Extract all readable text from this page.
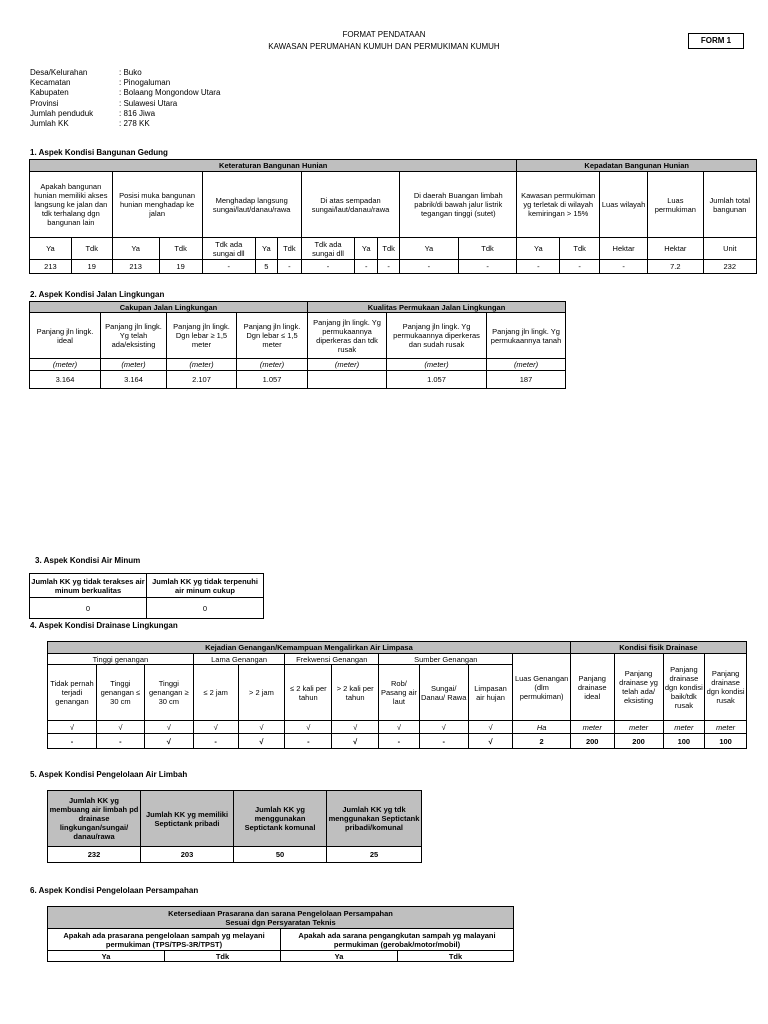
FORMAT PENDATAAN
KAWASAN PERUMAHAN KUMUH DAN PERMUKIMAN KUMUH
FORM 1
Desa/Kelurahan	: Buko
Kecamatan	: Pinogaluman
Kabupaten	: Bolaang Mongondow Utara
Provinsi	: Sulawesi Utara
Jumlah penduduk	: 816 Jiwa
Jumlah KK	: 278 KK
1. Aspek Kondisi Bangunan Gedung
Keteraturan Bangunan Hunian												Kepadatan Bangunan Hunian				
Apakah bangunan hunian memiliki akses langsung ke jalan dan tdk terhalang dgn bangunan lain		Posisi muka bangunan hunian menghadap ke jalan		Menghadap langsung sungai/laut/danau/rawa			Di atas sempadan sungai/laut/danau/rawa			Di daerah Buangan limbah pabrik/di bawah jalur listrik tegangan tinggi (sutet)		Kawasan permukiman yg terletak di wilayah kemiringan > 15%		Luas wilayah	Luas permukiman	Jumlah total bangunan
Ya	Tdk	Ya	Tdk	Tdk ada sungai dll	Ya	Tdk	Tdk ada sungai dll	Ya	Tdk	Ya	Tdk	Ya	Tdk	Hektar	Hektar	Unit
213	19	213	19	-	5	-	-	-	-	-	-	-	-	-	7.2	232
2. Aspek Kondisi Jalan Lingkungan
Cakupan Jalan Lingkungan				Kualitas Permukaan Jalan Lingkungan		
Panjang jln lingk. ideal	Panjang jln lingk. Yg telah ada/eksisting	Panjang jln lingk. Dgn lebar ≥ 1,5 meter	Panjang jln lingk. Dgn lebar ≤ 1,5 meter	Panjang jln lingk. Yg permukaannya diperkeras dan tdk rusak	Panjang jln lingk. Yg permukaannya diperkeras dan sudah rusak	Panjang jln lingk. Yg permukaannya tanah
(meter)	(meter)	(meter)	(meter)	(meter)	(meter)	(meter)
3.164	3.164	2.107	1.057		1.057	187
3. Aspek Kondisi Air Minum
Jumlah KK yg tidak terakses air minum berkualitas	Jumlah KK yg tidak terpenuhi air minum cukup
0	0
4. Aspek Kondisi Drainase Lingkungan
Kejadian Genangan/Kemampuan Mengalirkan Air Limpasa											Kondisi fisik Drainase			
Tinggi genangan			Lama Genangan		Frekwensi Genangan		Sumber Genangan			Luas Genangan (dlm permukiman)	Panjang drainase ideal	Panjang drainase yg telah ada/ eksisting	Panjang drainase dgn kondisi baik/tdk rusak	Panjang drainase dgn kondisi rusak
Tidak pernah terjadi genangan	Tinggi genangan ≤ 30 cm	Tinggi genangan ≥ 30 cm	≤ 2 jam	> 2 jam	≤ 2 kali per tahun	> 2 kali per tahun	Rob/ Pasang air laut	Sungai/ Danau/ Rawa	Limpasan air hujan					
√	√	√	√	√	√	√	√	√	√	Ha	meter	meter	meter	meter
-	-	√	-	√	-	√	-	-	√	2	200	200	100	100
5. Aspek Kondisi Pengelolaan Air Limbah
Jumlah KK yg membuang air limbah pd drainase lingkungan/sungai/ danau/rawa	Jumlah KK yg memiliki Septictank pribadi	Jumlah KK yg menggunakan Septictank komunal	Jumlah KK yg tdk menggunakan Septictank pribadi/komunal
232	203	50	25
6. Aspek Kondisi Pengelolaan Persampahan
Ketersediaan Prasarana dan sarana Pengelolaan Persampahan
Sesuai dgn Persyaratan Teknis			

Apakah ada prasarana pengelolaan sampah yg melayani permukiman (TPS/TPS-3R/TPST)		Apakah ada sarana pengangkutan sampah yg malayani permukiman (gerobak/motor/mobil)	
Ya	Tdk	Ya	Tdk
